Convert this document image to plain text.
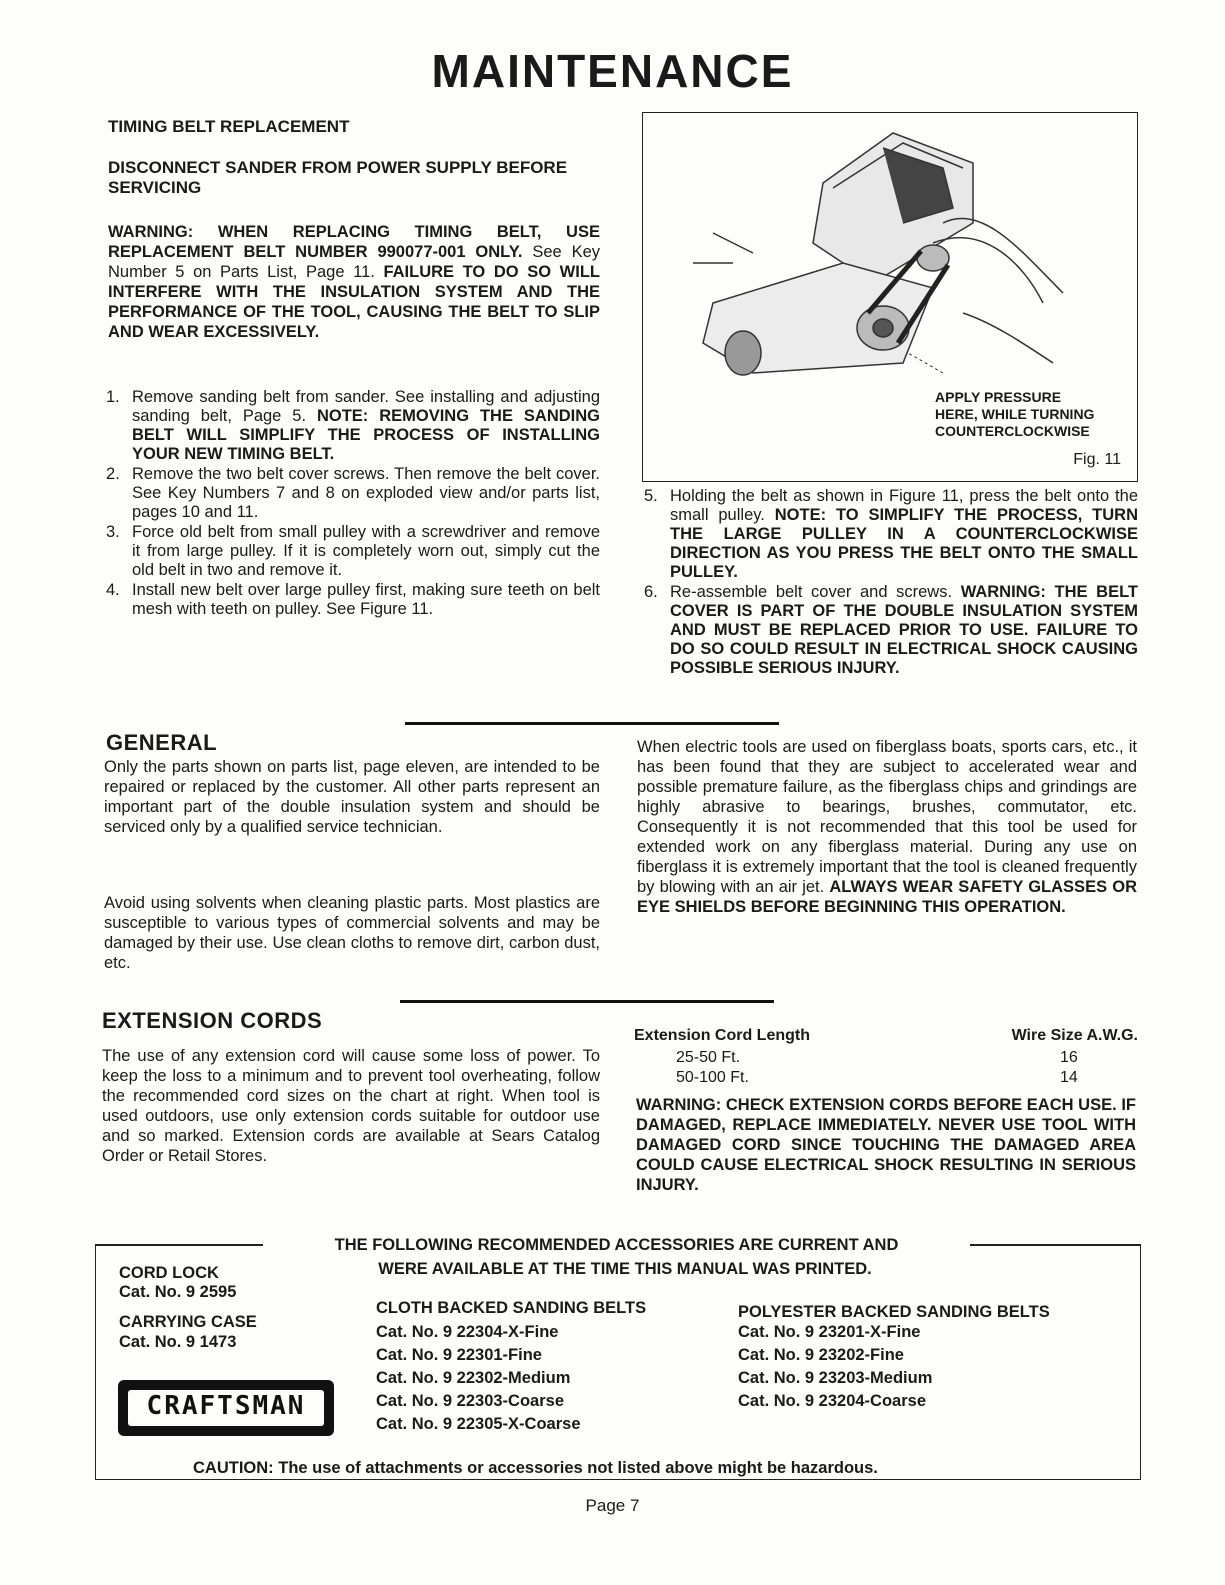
MAINTENANCE
TIMING BELT REPLACEMENT
DISCONNECT SANDER FROM POWER SUPPLY BEFORE SERVICING
WARNING: WHEN REPLACING TIMING BELT, USE REPLACEMENT BELT NUMBER 990077-001 ONLY. See Key Number 5 on Parts List, Page 11. FAILURE TO DO SO WILL INTERFERE WITH THE INSULATION SYSTEM AND THE PERFORMANCE OF THE TOOL, CAUSING THE BELT TO SLIP AND WEAR EXCESSIVELY.
1. Remove sanding belt from sander. See installing and adjusting sanding belt, Page 5. NOTE: REMOVING THE SANDING BELT WILL SIMPLIFY THE PROCESS OF INSTALLING YOUR NEW TIMING BELT.
2. Remove the two belt cover screws. Then remove the belt cover. See Key Numbers 7 and 8 on exploded view and/or parts list, pages 10 and 11.
3. Force old belt from small pulley with a screwdriver and remove it from large pulley. If it is completely worn out, simply cut the old belt in two and remove it.
4. Install new belt over large pulley first, making sure teeth on belt mesh with teeth on pulley. See Figure 11.
APPLY PRESSURE
HERE, WHILE TURNING
COUNTERCLOCKWISE
Fig. 11
5. Holding the belt as shown in Figure 11, press the belt onto the small pulley. NOTE: TO SIMPLIFY THE PROCESS, TURN THE LARGE PULLEY IN A COUNTERCLOCKWISE DIRECTION AS YOU PRESS THE BELT ONTO THE SMALL PULLEY.
6. Re-assemble belt cover and screws. WARNING: THE BELT COVER IS PART OF THE DOUBLE INSULATION SYSTEM AND MUST BE REPLACED PRIOR TO USE. FAILURE TO DO SO COULD RESULT IN ELECTRICAL SHOCK CAUSING POSSIBLE SERIOUS INJURY.
GENERAL

Only the parts shown on parts list, page eleven, are intended to be repaired or replaced by the customer. All other parts represent an important part of the double insulation system and should be serviced only by a qualified service technician.

Avoid using solvents when cleaning plastic parts. Most plastics are susceptible to various types of commercial solvents and may be damaged by their use. Use clean cloths to remove dirt, carbon dust, etc.

When electric tools are used on fiberglass boats, sports cars, etc., it has been found that they are subject to accelerated wear and possible premature failure, as the fiberglass chips and grindings are highly abrasive to bearings, brushes, commutator, etc. Consequently it is not recommended that this tool be used for extended work on any fiberglass material. During any use on fiberglass it is extremely important that the tool is cleaned frequently by blowing with an air jet. ALWAYS WEAR SAFETY GLASSES OR EYE SHIELDS BEFORE BEGINNING THIS OPERATION.
EXTENSION CORDS

The use of any extension cord will cause some loss of power. To keep the loss to a minimum and to prevent tool overheating, follow the recommended cord sizes on the chart at right. When tool is used outdoors, use only extension cords suitable for outdoor use and so marked. Extension cords are available at Sears Catalog Order or Retail Stores.

Extension Cord Length	Wire Size A.W.G.
25-50 Ft.	16
50-100 Ft.	14

WARNING: CHECK EXTENSION CORDS BEFORE EACH USE. IF DAMAGED, REPLACE IMMEDIATELY. NEVER USE TOOL WITH DAMAGED CORD SINCE TOUCHING THE DAMAGED AREA COULD CAUSE ELECTRICAL SHOCK RESULTING IN SERIOUS INJURY.

THE FOLLOWING RECOMMENDED ACCESSORIES ARE CURRENT AND
WERE AVAILABLE AT THE TIME THIS MANUAL WAS PRINTED.
CORD LOCK
Cat. No. 9 2595
CARRYING CASE
Cat. No. 9 1473
CRAFTSMAN
CLOTH BACKED SANDING BELTS
Cat. No. 9 22304-X-Fine
Cat. No. 9 22301-Fine
Cat. No. 9 22302-Medium
Cat. No. 9 22303-Coarse
Cat. No. 9 22305-X-Coarse
POLYESTER BACKED SANDING BELTS
Cat. No. 9 23201-X-Fine
Cat. No. 9 23202-Fine
Cat. No. 9 23203-Medium
Cat. No. 9 23204-Coarse
CAUTION: The use of attachments or accessories not listed above might be hazardous.
Page 7
